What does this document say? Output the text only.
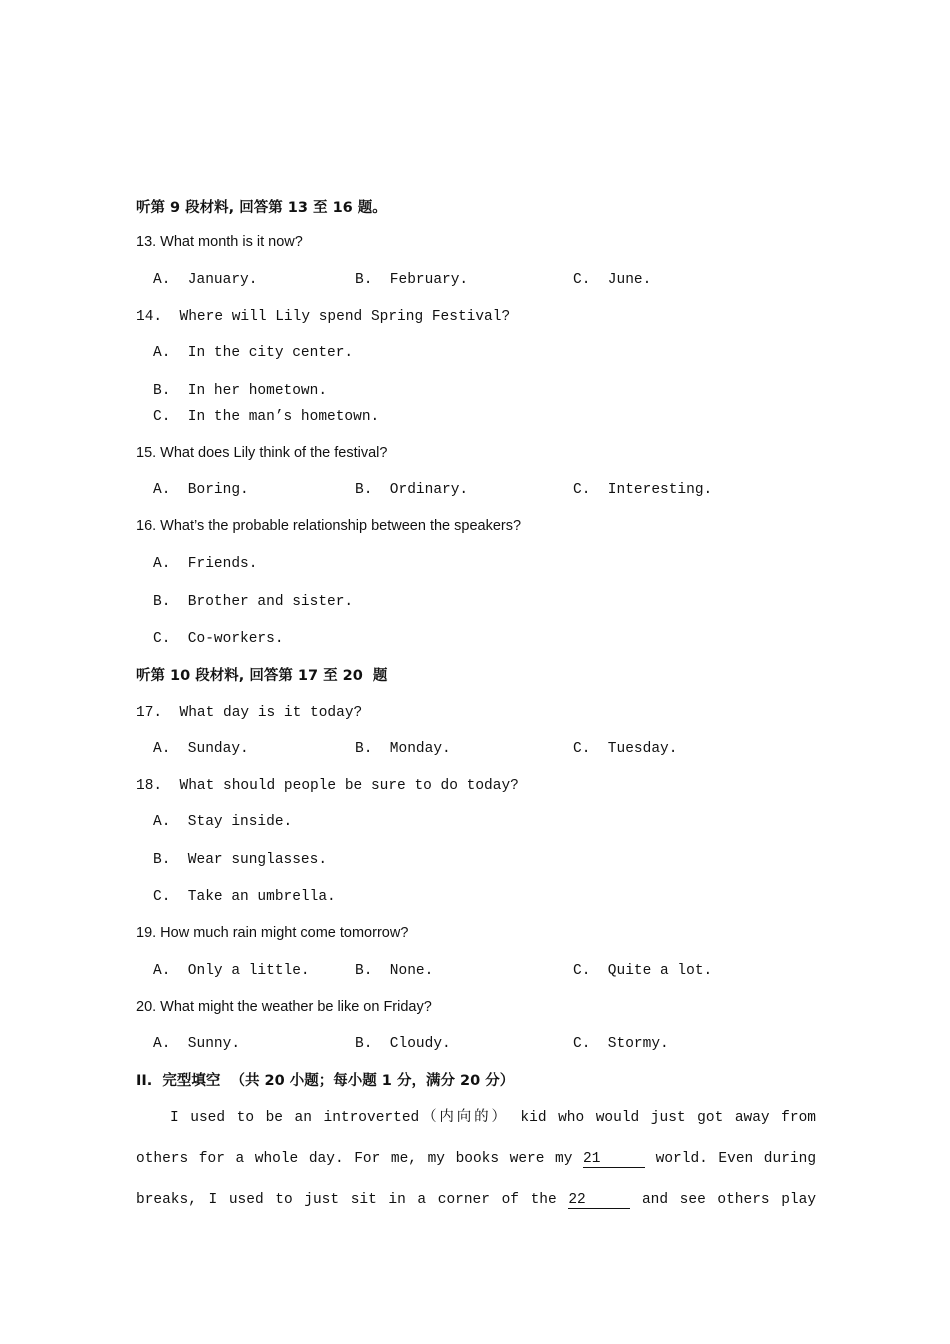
听第 9 段材料, 回答第 13 至 16 题。
13. What month is it now?
A.  January.	B.  February.	C.  June.
14.  Where will Lily spend Spring Festival?
A.  In the city center.
B.  In her hometown.
C.  In the man’s hometown.
15. What does Lily think of the festival?
A.  Boring.	B.  Ordinary.	C.  Interesting.
16. What’s the probable relationship between the speakers?
A.  Friends.
B.  Brother and sister.
C.  Co-workers.
听第 10 段材料, 回答第 17 至 20  题
17.  What day is it today?
A.  Sunday.	B.  Monday.	C.  Tuesday.
18.  What should people be sure to do today?
A.  Stay inside.
B.  Wear sunglasses.
C.  Take an umbrella.
19. How much rain might come tomorrow?
A.  Only a little.	B.  None.	C.  Quite a lot.
20. What might the weather be like on Friday?
A.  Sunny.	B.  Cloudy.	C.  Stormy.
II.  完型填空  （共 20 小题；每小题 1 分，满分 20 分）
I used to be an introverted（内向的） kid who would just got away from
others for a whole day. For me, my books were my 21	world. Even during
breaks, I used to just sit in a corner of the 22	and see others play
